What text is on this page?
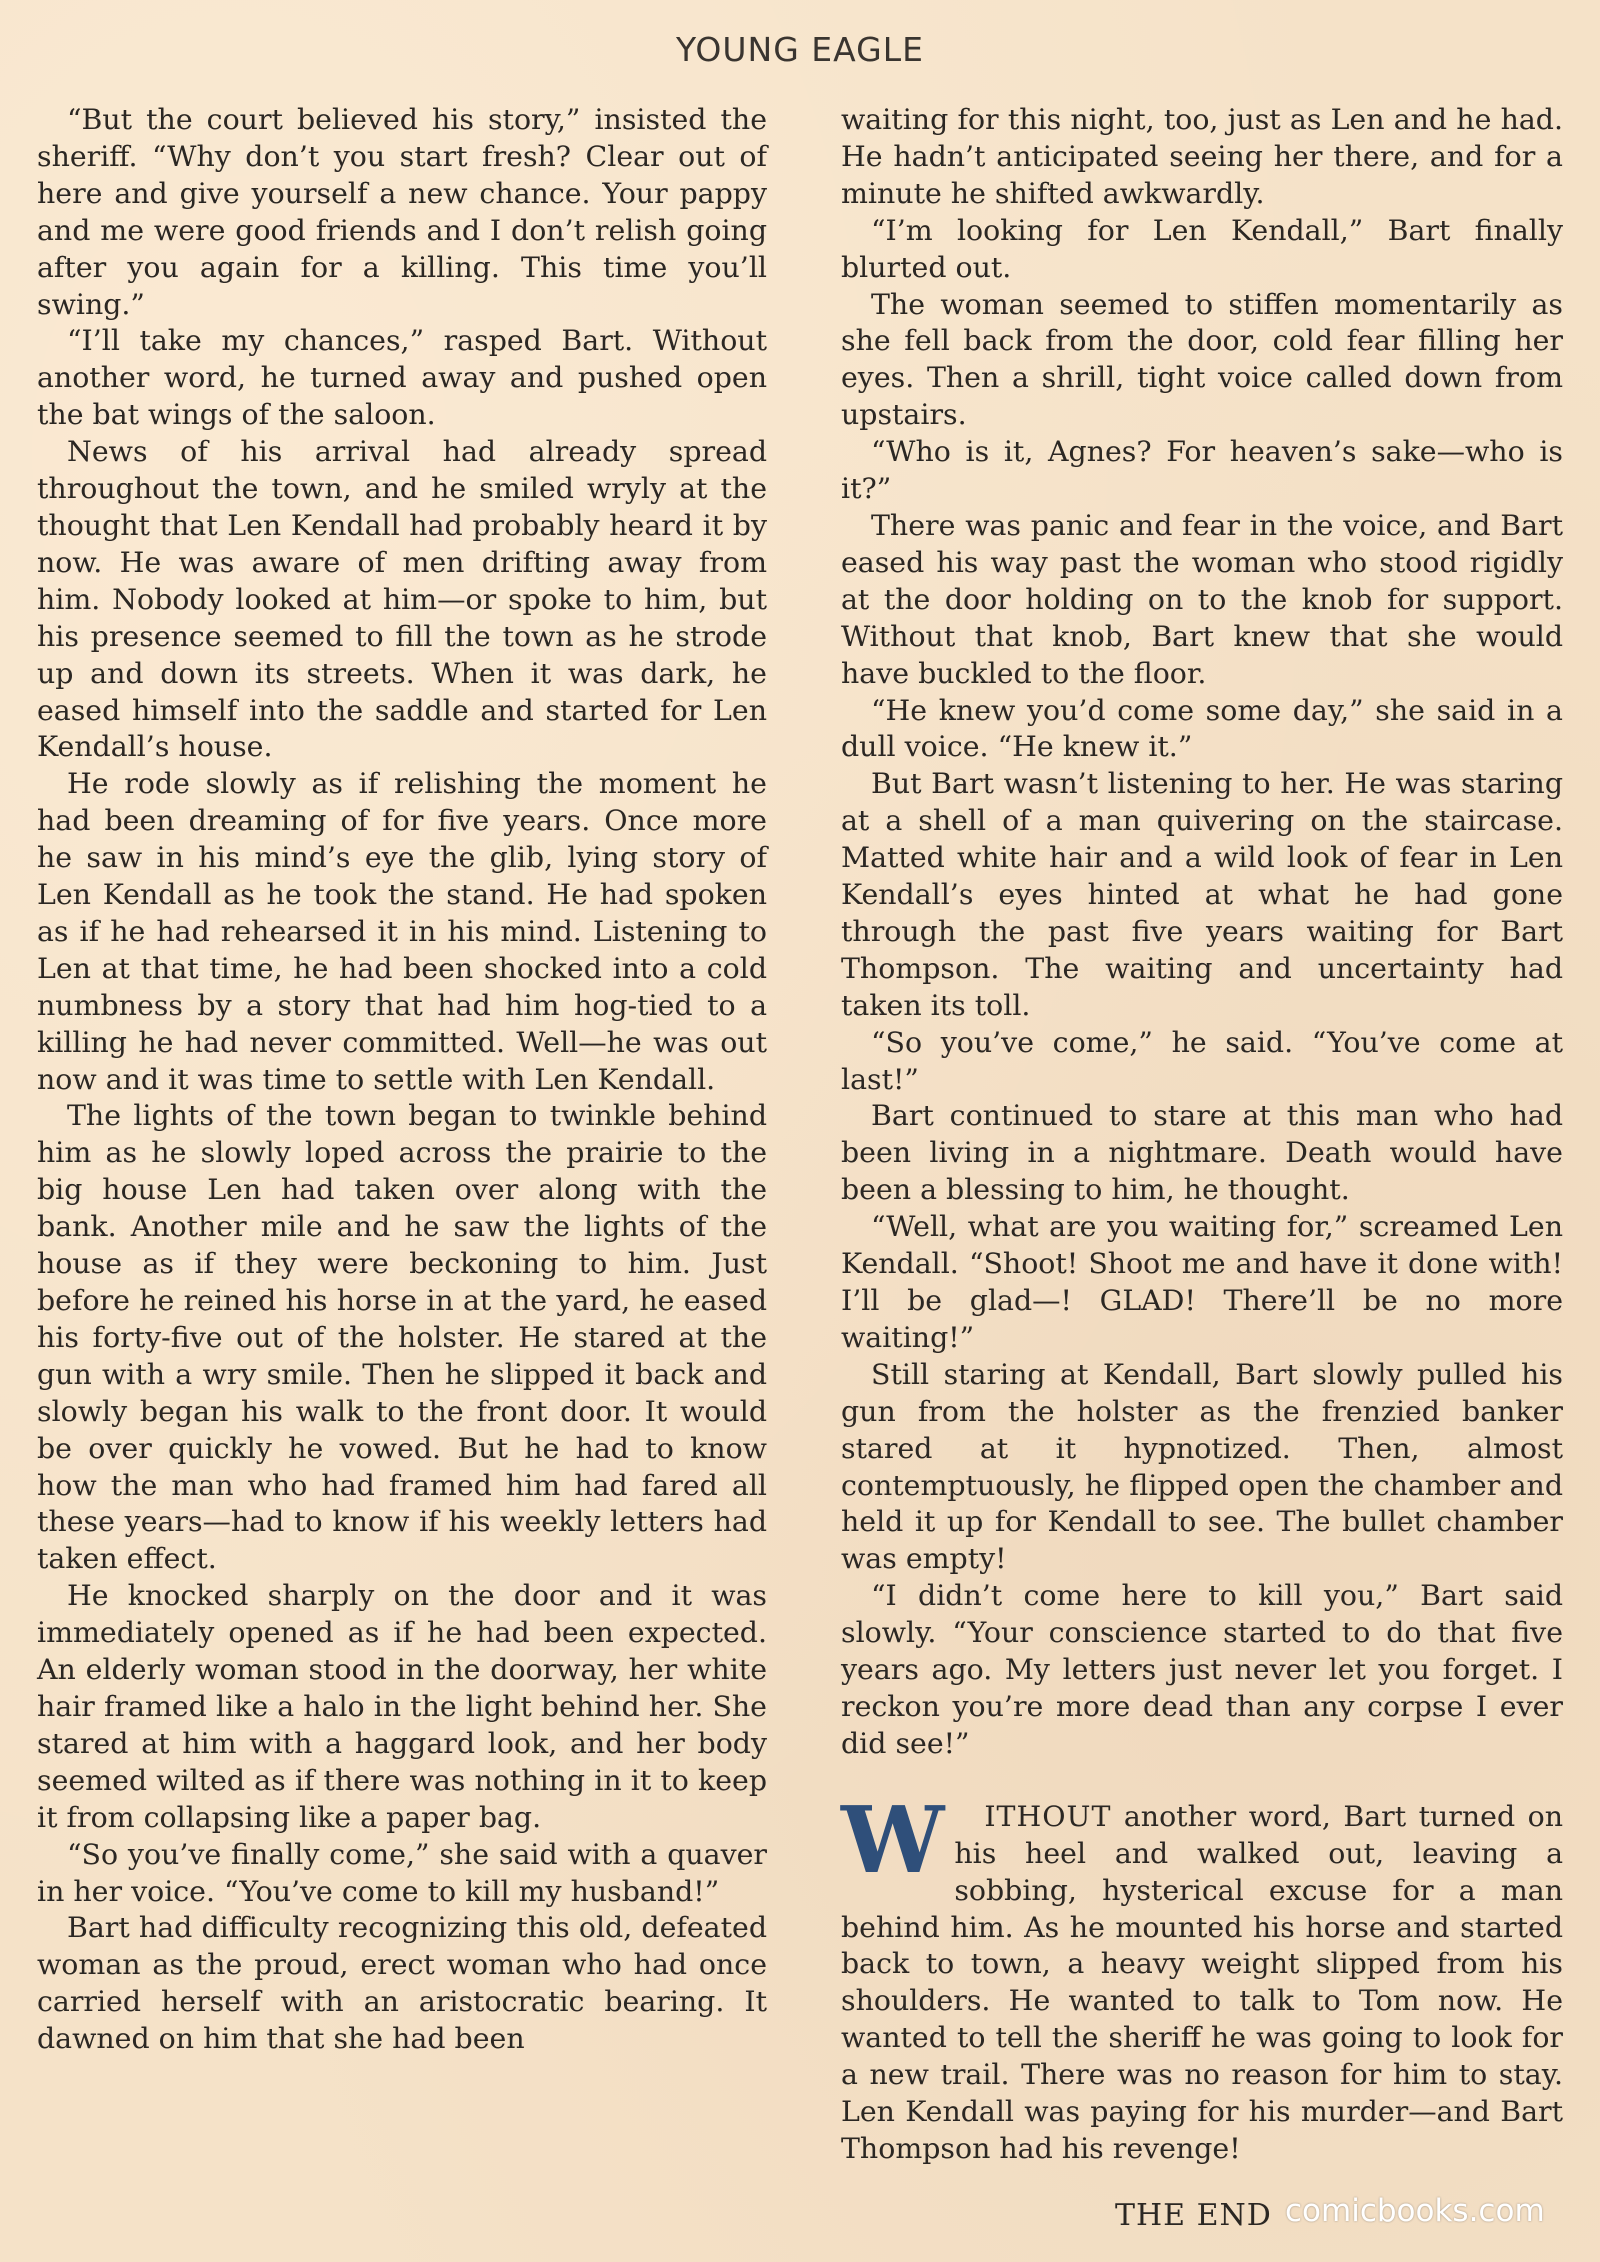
YOUNG EAGLE

“But the court believed his story,” insisted the sheriff. “Why don’t you start fresh? Clear out of here and give yourself a new chance. Your pappy and me were good friends and I don’t relish going after you again for a killing. This time you’ll swing.”

“I’ll take my chances,” rasped Bart. Without another word, he turned away and pushed open the bat wings of the saloon.

News of his arrival had already spread throughout the town, and he smiled wryly at the thought that Len Kendall had probably heard it by now. He was aware of men drifting away from him. Nobody looked at him—or spoke to him, but his presence seemed to fill the town as he strode up and down its streets. When it was dark, he eased himself into the saddle and started for Len Kendall’s house.

He rode slowly as if relishing the moment he had been dreaming of for five years. Once more he saw in his mind’s eye the glib, lying story of Len Kendall as he took the stand. He had spoken as if he had rehearsed it in his mind. Listening to Len at that time, he had been shocked into a cold numbness by a story that had him hog-tied to a killing he had never committed. Well—he was out now and it was time to settle with Len Kendall.

The lights of the town began to twinkle behind him as he slowly loped across the prairie to the big house Len had taken over along with the bank. Another mile and he saw the lights of the house as if they were beckoning to him. Just before he reined his horse in at the yard, he eased his forty-five out of the holster. He stared at the gun with a wry smile. Then he slipped it back and slowly began his walk to the front door. It would be over quickly he vowed. But he had to know how the man who had framed him had fared all these years—had to know if his weekly letters had taken effect.

He knocked sharply on the door and it was immediately opened as if he had been expected. An elderly woman stood in the doorway, her white hair framed like a halo in the light behind her. She stared at him with a haggard look, and her body seemed wilted as if there was nothing in it to keep it from collapsing like a paper bag.

“So you’ve finally come,” she said with a quaver in her voice. “You’ve come to kill my husband!”

Bart had difficulty recognizing this old, defeated woman as the proud, erect woman who had once carried herself with an aristocratic bearing. It dawned on him that she had been

waiting for this night, too, just as Len and he had. He hadn’t anticipated seeing her there, and for a minute he shifted awkwardly.

“I’m looking for Len Kendall,” Bart finally blurted out.

The woman seemed to stiffen momentarily as she fell back from the door, cold fear filling her eyes. Then a shrill, tight voice called down from upstairs.

“Who is it, Agnes? For heaven’s sake—who is it?”

There was panic and fear in the voice, and Bart eased his way past the woman who stood rigidly at the door holding on to the knob for support. Without that knob, Bart knew that she would have buckled to the floor.

“He knew you’d come some day,” she said in a dull voice. “He knew it.”

But Bart wasn’t listening to her. He was staring at a shell of a man quivering on the staircase. Matted white hair and a wild look of fear in Len Kendall’s eyes hinted at what he had gone through the past five years waiting for Bart Thompson. The waiting and uncertainty had taken its toll.

“So you’ve come,” he said. “You’ve come at last!”

Bart continued to stare at this man who had been living in a nightmare. Death would have been a blessing to him, he thought.

“Well, what are you waiting for,” screamed Len Kendall. “Shoot! Shoot me and have it done with! I’ll be glad—! GLAD! There’ll be no more waiting!”

Still staring at Kendall, Bart slowly pulled his gun from the holster as the frenzied banker stared at it hypnotized. Then, almost contemptuously, he flipped open the chamber and held it up for Kendall to see. The bullet chamber was empty!

“I didn’t come here to kill you,” Bart said slowly. “Your conscience started to do that five years ago. My letters just never let you forget. I reckon you’re more dead than any corpse I ever did see!”

W	ITHOUT another word, Bart turned on his heel and walked out, leaving a sobbing, hysterical excuse for a man behind him. As he mounted his horse and started back to town, a heavy weight slipped from his shoulders. He wanted to talk to Tom now. He wanted to tell the sheriff he was going to look for a new trail. There was no reason for him to stay. Len Kendall was paying for his murder—and Bart Thompson had his revenge!

THE END comicbooks.com
